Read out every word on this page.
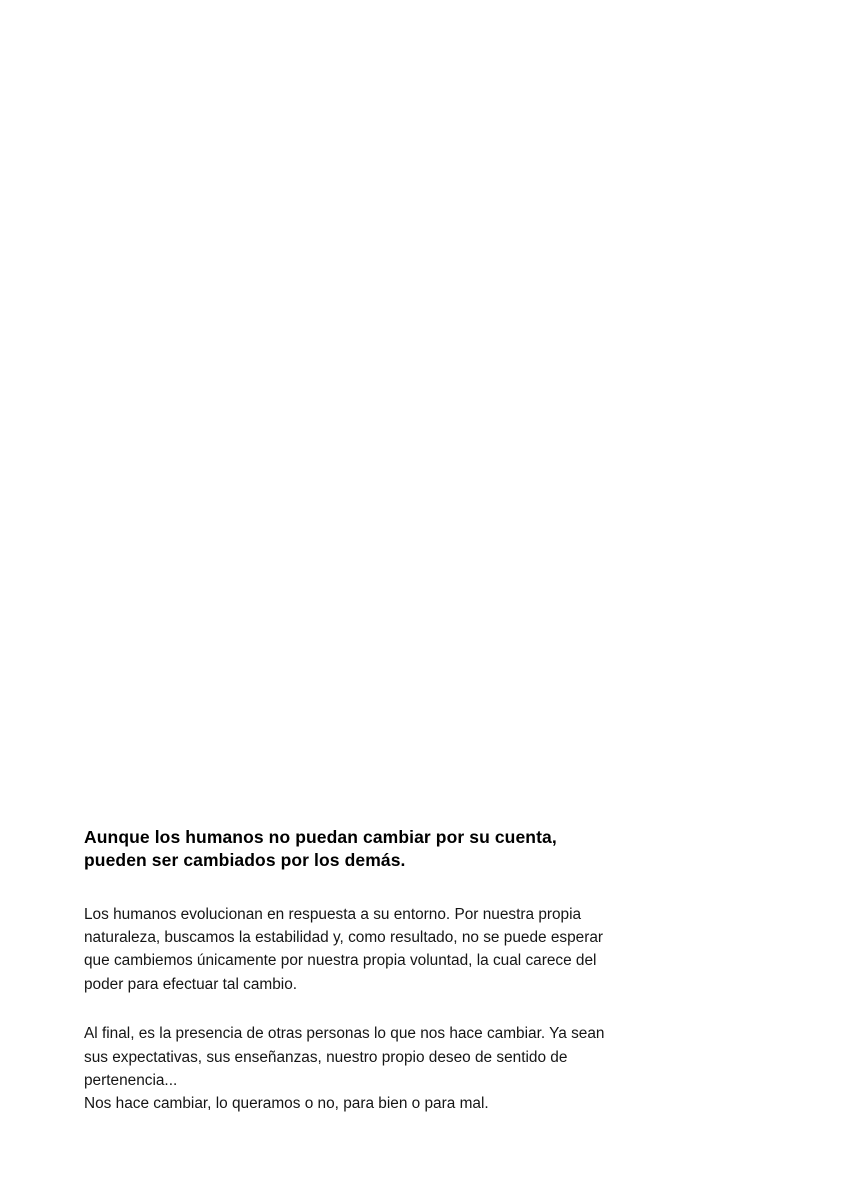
Aunque los humanos no puedan cambiar por su cuenta, pueden ser cambiados por los demás.

Los humanos evolucionan en respuesta a su entorno. Por nuestra propia naturaleza, buscamos la estabilidad y, como resultado, no se puede esperar que cambiemos únicamente por nuestra propia voluntad, la cual carece del poder para efectuar tal cambio.

Al final, es la presencia de otras personas lo que nos hace cambiar. Ya sean sus expectativas, sus enseñanzas, nuestro propio deseo de sentido de pertenencia...
Nos hace cambiar, lo queramos o no, para bien o para mal.
